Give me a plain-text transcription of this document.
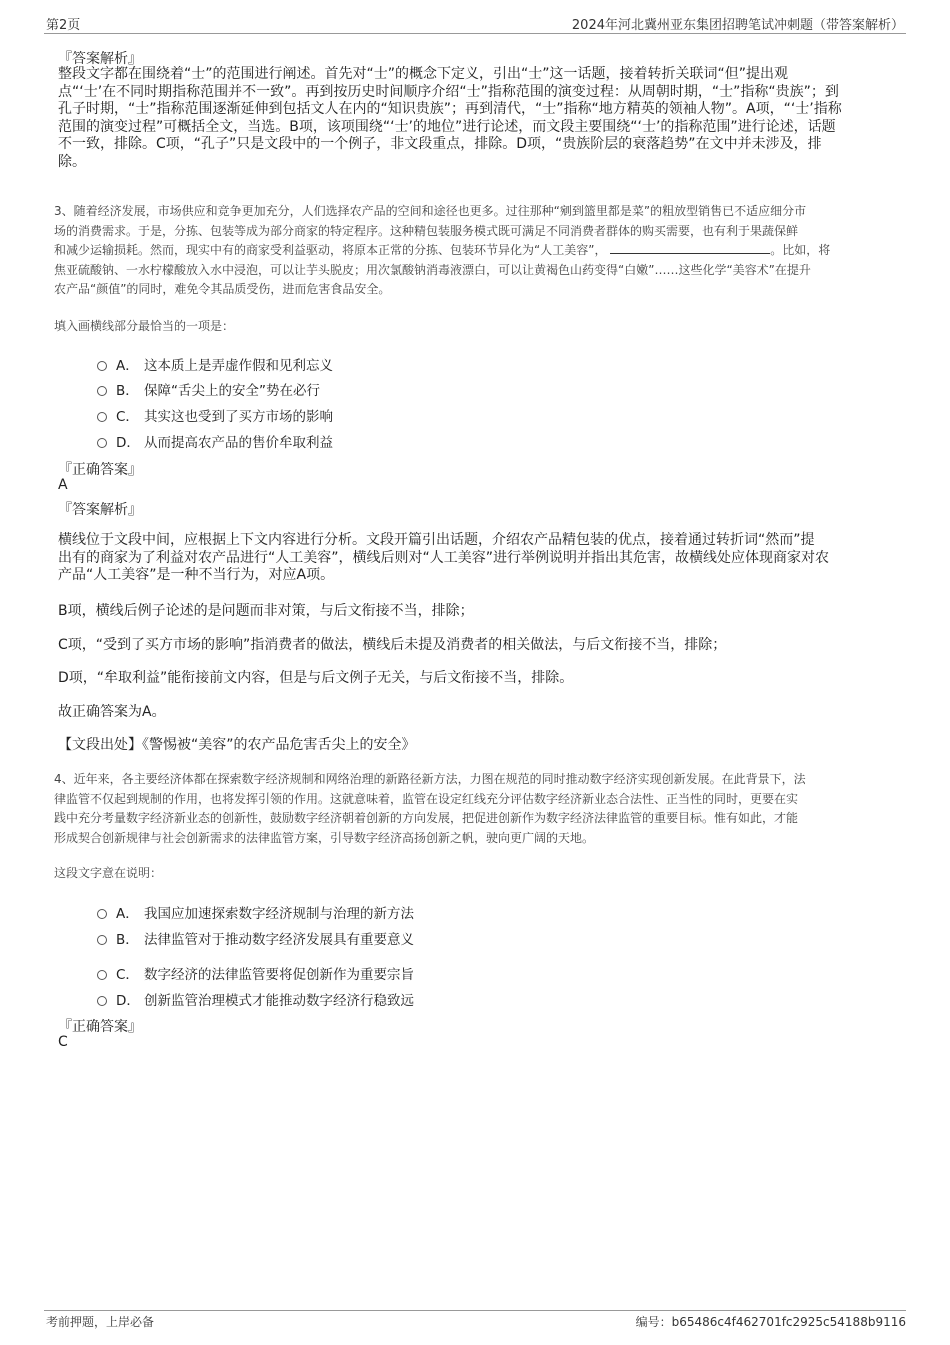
第2页	2024年河北冀州亚东集团招聘笔试冲刺题（带答案解析）
『答案解析』
整段文字都在围绕着“士”的范围进行阐述。首先对“士”的概念下定义，引出“士”这一话题，接着转折关联词“但”提出观
点“‘士’在不同时期指称范围并不一致”。再到按历史时间顺序介绍“士”指称范围的演变过程：从周朝时期，“士”指称“贵族”；到
孔子时期，“士”指称范围逐渐延伸到包括文人在内的“知识贵族”；再到清代，“士”指称“地方精英的领袖人物”。A项，“‘士’指称
范围的演变过程”可概括全文，当选。B项，该项围绕“‘士’的地位”进行论述，而文段主要围绕“‘士’的指称范围”进行论述，话题
不一致，排除。C项，“孔子”只是文段中的一个例子，非文段重点，排除。D项，“贵族阶层的衰落趋势”在文中并未涉及，排
除。
3、随着经济发展，市场供应和竞争更加充分，人们选择农产品的空间和途径也更多。过往那种“剜到篮里都是菜”的粗放型销售已不适应细分市
场的消费需求。于是，分拣、包装等成为部分商家的特定程序。这种精包装服务模式既可满足不同消费者群体的购买需要，也有利于果蔬保鲜
和减少运输损耗。然而，现实中有的商家受利益驱动，将原本正常的分拣、包装环节异化为“人工美容”，	。比如，将
焦亚硫酸钠、一水柠檬酸放入水中浸泡，可以让芋头脱皮；用次氯酸钠消毒液漂白，可以让黄褐色山药变得“白嫩”……这些化学“美容术”在提升
农产品“颜值”的同时，难免令其品质受伤，进而危害食品安全。
填入画横线部分最恰当的一项是：
A． 这本质上是弄虚作假和见利忘义
B． 保障“舌尖上的安全”势在必行
C． 其实这也受到了买方市场的影响
D． 从而提高农产品的售价牟取利益
『正确答案』
A
『答案解析』
横线位于文段中间，应根据上下文内容进行分析。文段开篇引出话题，介绍农产品精包装的优点，接着通过转折词“然而”提
出有的商家为了利益对农产品进行“人工美容”，横线后则对“人工美容”进行举例说明并指出其危害，故横线处应体现商家对农
产品“人工美容”是一种不当行为，对应A项。
B项，横线后例子论述的是问题而非对策，与后文衔接不当，排除；
C项，“受到了买方市场的影响”指消费者的做法，横线后未提及消费者的相关做法，与后文衔接不当，排除；
D项，“牟取利益”能衔接前文内容，但是与后文例子无关，与后文衔接不当，排除。
故正确答案为A。
【文段出处】《警惕被“美容”的农产品危害舌尖上的安全》
4、近年来，各主要经济体都在探索数字经济规制和网络治理的新路径新方法，力图在规范的同时推动数字经济实现创新发展。在此背景下，法
律监管不仅起到规制的作用，也将发挥引领的作用。这就意味着，监管在设定红线充分评估数字经济新业态合法性、正当性的同时，更要在实
践中充分考量数字经济新业态的创新性，鼓励数字经济朝着创新的方向发展，把促进创新作为数字经济法律监管的重要目标。惟有如此，才能
形成契合创新规律与社会创新需求的法律监管方案，引导数字经济高扬创新之帆，驶向更广阔的天地。
这段文字意在说明：
A． 我国应加速探索数字经济规制与治理的新方法
B． 法律监管对于推动数字经济发展具有重要意义
C． 数字经济的法律监管要将促创新作为重要宗旨
D． 创新监管治理模式才能推动数字经济行稳致远
『正确答案』
C
考前押题，上岸必备	编号：b65486c4f462701fc2925c54188b9116
